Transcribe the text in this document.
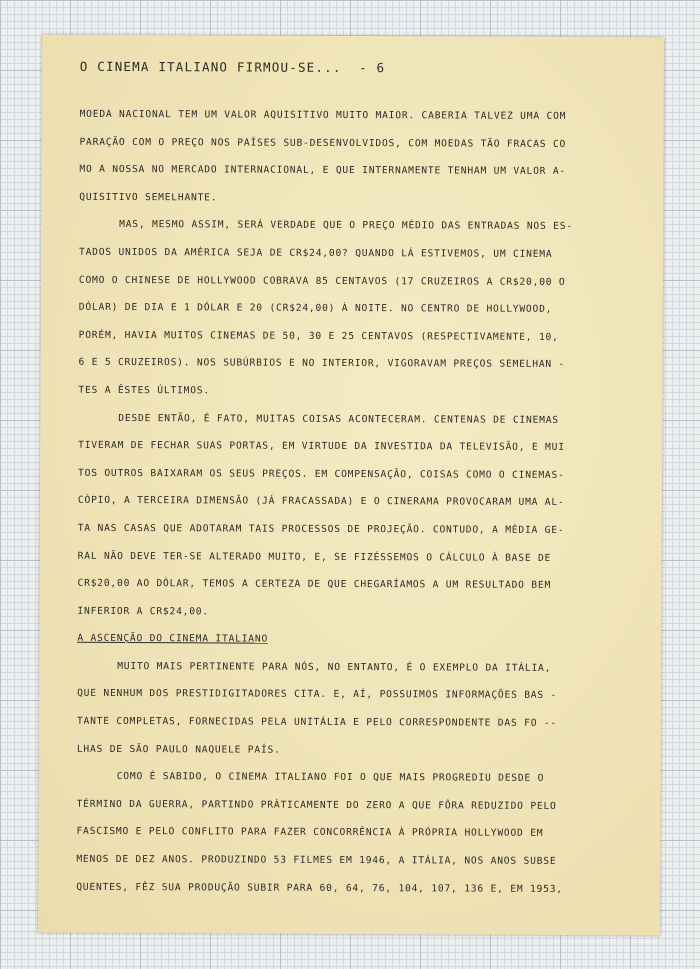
O CINEMA ITALIANO FIRMOU-SE... - 6
MOEDA NACIONAL TEM UM VALOR AQUISITIVO MUITO MAIOR. CABERIA TALVEZ UMA COM
PARAÇÃO COM O PREÇO NOS PAÍSES SUB-DESENVOLVIDOS, COM MOEDAS TÃO FRACAS CO
MO A NOSSA NO MERCADO INTERNACIONAL, E QUE INTERNAMENTE TENHAM UM VALOR A-
QUISITIVO SEMELHANTE.
MAS, MESMO ASSIM, SERÁ VERDADE QUE O PREÇO MÉDIO DAS ENTRADAS NOS ES-
TADOS UNIDOS DA AMÉRICA SEJA DE CR$24,00? QUANDO LÁ ESTIVEMOS, UM CINEMA
COMO O CHINESE DE HOLLYWOOD COBRAVA 85 CENTAVOS (17 CRUZEIROS A CR$20,00 O
DÓLAR) DE DIA E 1 DÓLAR E 20 (CR$24,00) À NOITE. NO CENTRO DE HOLLYWOOD,
PORÉM, HAVIA MUITOS CINEMAS DE 50, 30 E 25 CENTAVOS (RESPECTIVAMENTE, 10,
6 E 5 CRUZEIROS). NOS SUBÚRBIOS E NO INTERIOR, VIGORAVAM PREÇOS SEMELHAN -
TES A ÊSTES ÚLTIMOS.
DESDE ENTÃO, É FATO, MUITAS COISAS ACONTECERAM. CENTENAS DE CINEMAS
TIVERAM DE FECHAR SUAS PORTAS, EM VIRTUDE DA INVESTIDA DA TELEVISÃO, E MUI
TOS OUTROS BAIXARAM OS SEUS PREÇOS. EM COMPENSAÇÃO, COISAS COMO O CINEMAS-
CÓPIO, A TERCEIRA DIMENSÃO (JÁ FRACASSADA) E O CINERAMA PROVOCARAM UMA AL-
TA NAS CASAS QUE ADOTARAM TAIS PROCESSOS DE PROJEÇÃO. CONTUDO, A MÉDIA GE-
RAL NÃO DEVE TER-SE ALTERADO MUITO, E, SE FIZÉSSEMOS O CÁLCULO À BASE DE
CR$20,00 AO DÓLAR, TEMOS A CERTEZA DE QUE CHEGARÍAMOS A UM RESULTADO BEM
INFERIOR A CR$24,00.
A ASCENÇÃO DO CINEMA ITALIANO
MUITO MAIS PERTINENTE PARA NÓS, NO ENTANTO, É O EXEMPLO DA ITÁLIA,
QUE NENHUM DOS PRESTIDIGITADORES CITA. E, AÍ, POSSUIMOS INFORMAÇÕES BAS -
TANTE COMPLETAS, FORNECIDAS PELA UNITÁLIA E PELO CORRESPONDENTE DAS FO --
LHAS DE SÃO PAULO NAQUELE PAÍS.
COMO É SABIDO, O CINEMA ITALIANO FOI O QUE MAIS PROGREDIU DESDE O
TÉRMINO DA GUERRA, PARTINDO PRÀTICAMENTE DO ZERO A QUE FÔRA REDUZIDO PELO
FASCISMO E PELO CONFLITO PARA FAZER CONCORRÊNCIA À PRÓPRIA HOLLYWOOD EM
MENOS DE DEZ ANOS. PRODUZINDO 53 FILMES EM 1946, A ITÁLIA, NOS ANOS SUBSE
QUENTES, FÊZ SUA PRODUÇÃO SUBIR PARA 60, 64, 76, 104, 107, 136 E, EM 1953,
